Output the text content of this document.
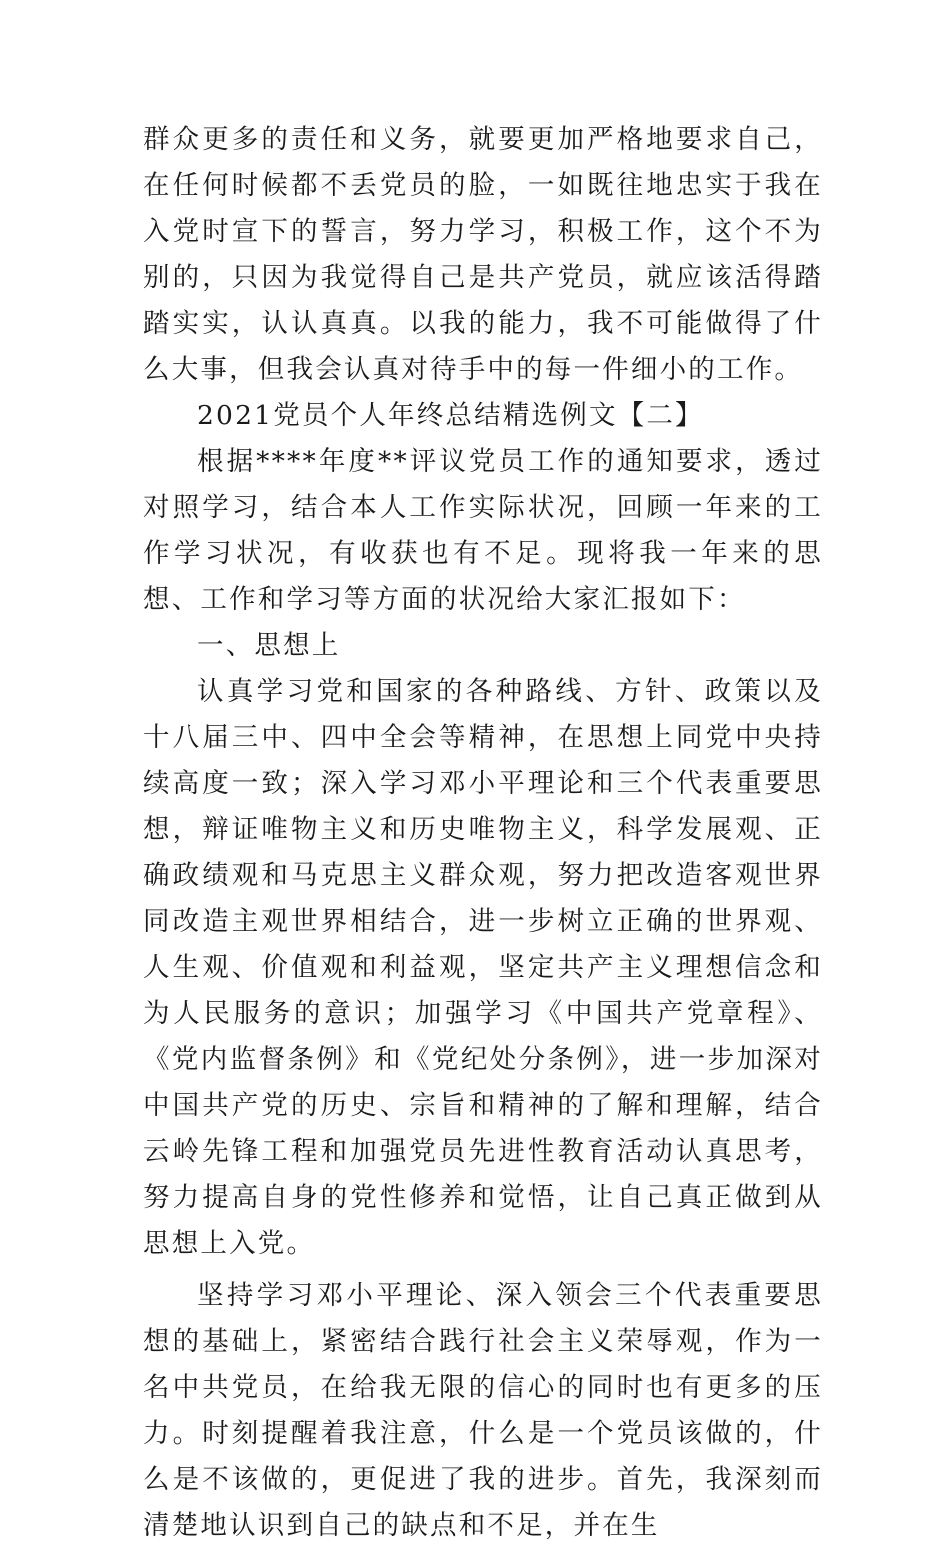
群众更多的责任和义务，就要更加严格地要求自己，在任何时候都不丢党员的脸，一如既往地忠实于我在入党时宣下的誓言，努力学习，积极工作，这个不为别的，只因为我觉得自己是共产党员，就应该活得踏踏实实，认认真真。以我的能力，我不可能做得了什么大事，但我会认真对待手中的每一件细小的工作。

2021党员个人年终总结精选例文【二】

根据****年度**评议党员工作的通知要求，透过对照学习，结合本人工作实际状况，回顾一年来的工作学习状况，有收获也有不足。现将我一年来的思想、工作和学习等方面的状况给大家汇报如下：

一、思想上

认真学习党和国家的各种路线、方针、政策以及十八届三中、四中全会等精神，在思想上同党中央持续高度一致；深入学习邓小平理论和三个代表重要思想，辩证唯物主义和历史唯物主义，科学发展观、正确政绩观和马克思主义群众观，努力把改造客观世界同改造主观世界相结合，进一步树立正确的世界观、人生观、价值观和利益观，坚定共产主义理想信念和为人民服务的意识；加强学习《中国共产党章程》、《党内监督条例》和《党纪处分条例》，进一步加深对中国共产党的历史、宗旨和精神的了解和理解，结合云岭先锋工程和加强党员先进性教育活动认真思考，努力提高自身的党性修养和觉悟，让自己真正做到从思想上入党。

坚持学习邓小平理论、深入领会三个代表重要思想的基础上，紧密结合践行社会主义荣辱观，作为一名中共党员，在给我无限的信心的同时也有更多的压力。时刻提醒着我注意，什么是一个党员该做的，什么是不该做的，更促进了我的进步。首先，我深刻而清楚地认识到自己的缺点和不足，并在生
